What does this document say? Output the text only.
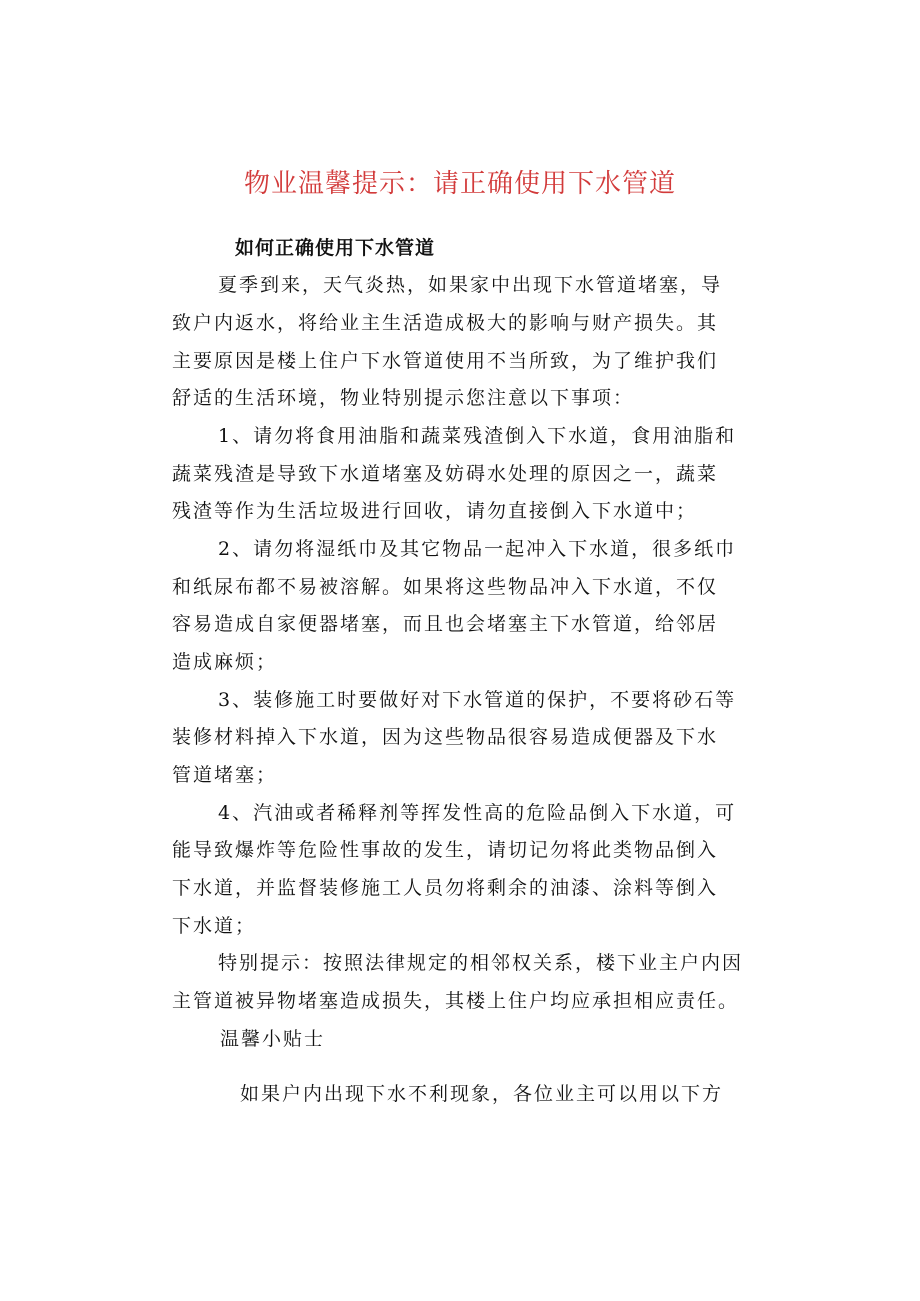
物业温馨提示：请正确使用下水管道
如何正确使用下水管道
夏季到来，天气炎热，如果家中出现下水管道堵塞，导
致户内返水，将给业主生活造成极大的影响与财产损失。其
主要原因是楼上住户下水管道使用不当所致，为了维护我们
舒适的生活环境，物业特别提示您注意以下事项：
1、请勿将食用油脂和蔬菜残渣倒入下水道，食用油脂和
蔬菜残渣是导致下水道堵塞及妨碍水处理的原因之一，蔬菜
残渣等作为生活垃圾进行回收，请勿直接倒入下水道中；
2、请勿将湿纸巾及其它物品一起冲入下水道，很多纸巾
和纸尿布都不易被溶解。如果将这些物品冲入下水道，不仅
容易造成自家便器堵塞，而且也会堵塞主下水管道，给邻居
造成麻烦；
3、装修施工时要做好对下水管道的保护，不要将砂石等
装修材料掉入下水道，因为这些物品很容易造成便器及下水
管道堵塞；
4、汽油或者稀释剂等挥发性高的危险品倒入下水道，可
能导致爆炸等危险性事故的发生，请切记勿将此类物品倒入
下水道，并监督装修施工人员勿将剩余的油漆、涂料等倒入
下水道；
特别提示：按照法律规定的相邻权关系，楼下业主户内因
主管道被异物堵塞造成损失，其楼上住户均应承担相应责任。
温馨小贴士
如果户内出现下水不利现象，各位业主可以用以下方
